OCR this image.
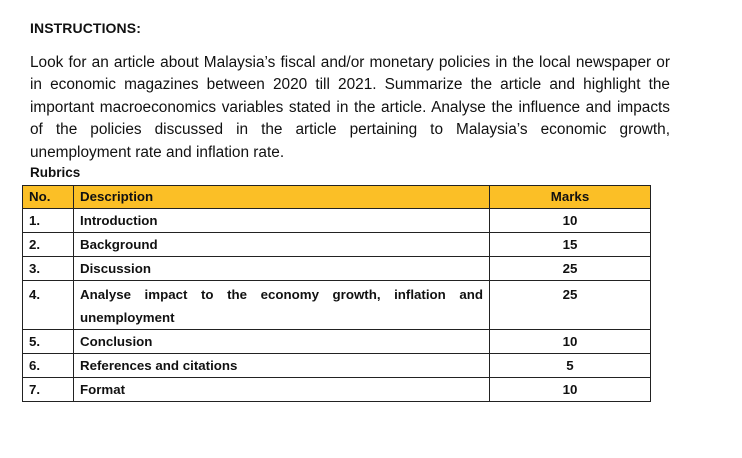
INSTRUCTIONS:
Look for an article about Malaysia’s fiscal and/or monetary policies in the local newspaper or in economic magazines between 2020 till 2021. Summarize the article and highlight the important macroeconomics variables stated in the article. Analyse the influence and impacts of the policies discussed in the article pertaining to Malaysia’s economic growth, unemployment rate and inflation rate.
Rubrics
No.	Description	Marks
1.	Introduction	10
2.	Background	15
3.	Discussion	25
4.	Analyse impact to the economy growth, inflation and unemployment	25
5.	Conclusion	10
6.	References and citations	5
7.	Format	10
